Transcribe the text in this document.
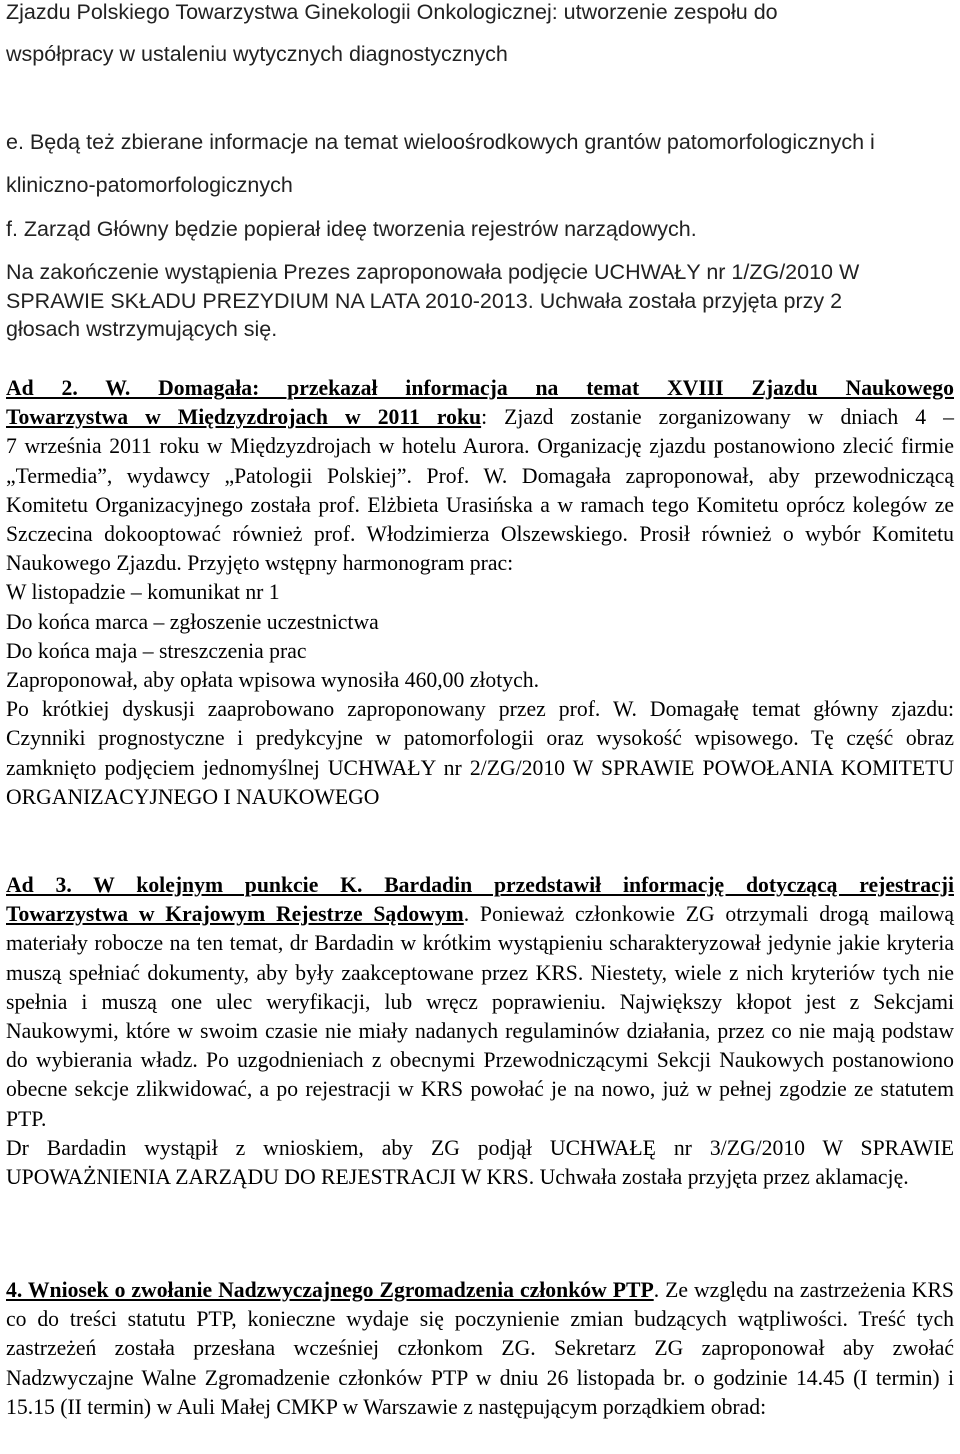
Zjazdu Polskiego Towarzystwa Ginekologii Onkologicznej: utworzenie zespołu do
współpracy w ustaleniu wytycznych diagnostycznych
e. Będą też zbierane informacje na temat wieloośrodkowych grantów patomorfologicznych i
kliniczno-patomorfologicznych
f. Zarząd Główny będzie popierał ideę tworzenia rejestrów narządowych.
Na zakończenie wystąpienia Prezes zaproponowała podjęcie UCHWAŁY nr 1/ZG/2010 W
SPRAWIE SKŁADU PREZYDIUM NA LATA 2010-2013. Uchwała została przyjęta przy 2
głosach wstrzymujących się.
Ad 2. W. Domagała: przekazał informacja na temat XVIII Zjazdu Naukowego
Towarzystwa w Międzyzdrojach w 2011 roku: Zjazd zostanie zorganizowany w dniach 4 –

7 września 2011 roku w Międzyzdrojach w hotelu Aurora. Organizację zjazdu postanowiono zlecić firmie „Termedia”, wydawcy „Patologii Polskiej”. Prof. W. Domagała zaproponował, aby przewodniczącą Komitetu Organizacyjnego została prof. Elżbieta Urasińska a w ramach tego Komitetu oprócz kolegów ze Szczecina dokooptować również prof. Włodzimierza Olszewskiego. Prosił również o wybór Komitetu Naukowego Zjazdu. Przyjęto wstępny harmonogram prac:

W listopadzie – komunikat nr 1
Do końca marca – zgłoszenie uczestnictwa
Do końca maja – streszczenia prac
Zaproponował, aby opłata wpisowa wynosiła 460,00 złotych.

Po krótkiej dyskusji zaaprobowano zaproponowany przez prof. W. Domagałę temat główny zjazdu: Czynniki prognostyczne i predykcyjne w patomorfologii oraz wysokość wpisowego. Tę część obraz zamknięto podjęciem jednomyślnej UCHWAŁY nr 2/ZG/2010 W SPRAWIE POWOŁANIA KOMITETU ORGANIZACYJNEGO I NAUKOWEGO

Ad 3. W kolejnym punkcie K. Bardadin przedstawił informację dotyczącą rejestracji

Towarzystwa w Krajowym Rejestrze Sądowym. Ponieważ członkowie ZG otrzymali drogą mailową materiały robocze na ten temat, dr Bardadin w krótkim wystąpieniu scharakteryzował jedynie jakie kryteria muszą spełniać dokumenty, aby były zaakceptowane przez KRS. Niestety, wiele z nich kryteriów tych nie spełnia i muszą one ulec weryfikacji, lub wręcz poprawieniu. Największy kłopot jest z Sekcjami Naukowymi, które w swoim czasie nie miały nadanych regulaminów działania, przez co nie mają podstaw do wybierania władz. Po uzgodnieniach z obecnymi Przewodniczącymi Sekcji Naukowych postanowiono obecne sekcje zlikwidować, a po rejestracji w KRS powołać je na nowo, już w pełnej zgodzie ze statutem PTP.

Dr Bardadin wystąpił z wnioskiem, aby ZG podjął UCHWAŁĘ nr 3/ZG/2010 W SPRAWIE UPOWAŻNIENIA ZARZĄDU DO REJESTRACJI W KRS. Uchwała została przyjęta przez aklamację.

4. Wniosek o zwołanie Nadzwyczajnego Zgromadzenia członków PTP. Ze względu na zastrzeżenia KRS co do treści statutu PTP, konieczne wydaje się poczynienie zmian budzących wątpliwości. Treść tych zastrzeżeń została przesłana wcześniej członkom ZG. Sekretarz ZG zaproponował aby zwołać Nadzwyczajne Walne Zgromadzenie członków PTP w dniu 26 listopada br. o godzinie 14.45 (I termin) i 15.15 (II termin) w Auli Małej CMKP w Warszawie z następującym porządkiem obrad:
